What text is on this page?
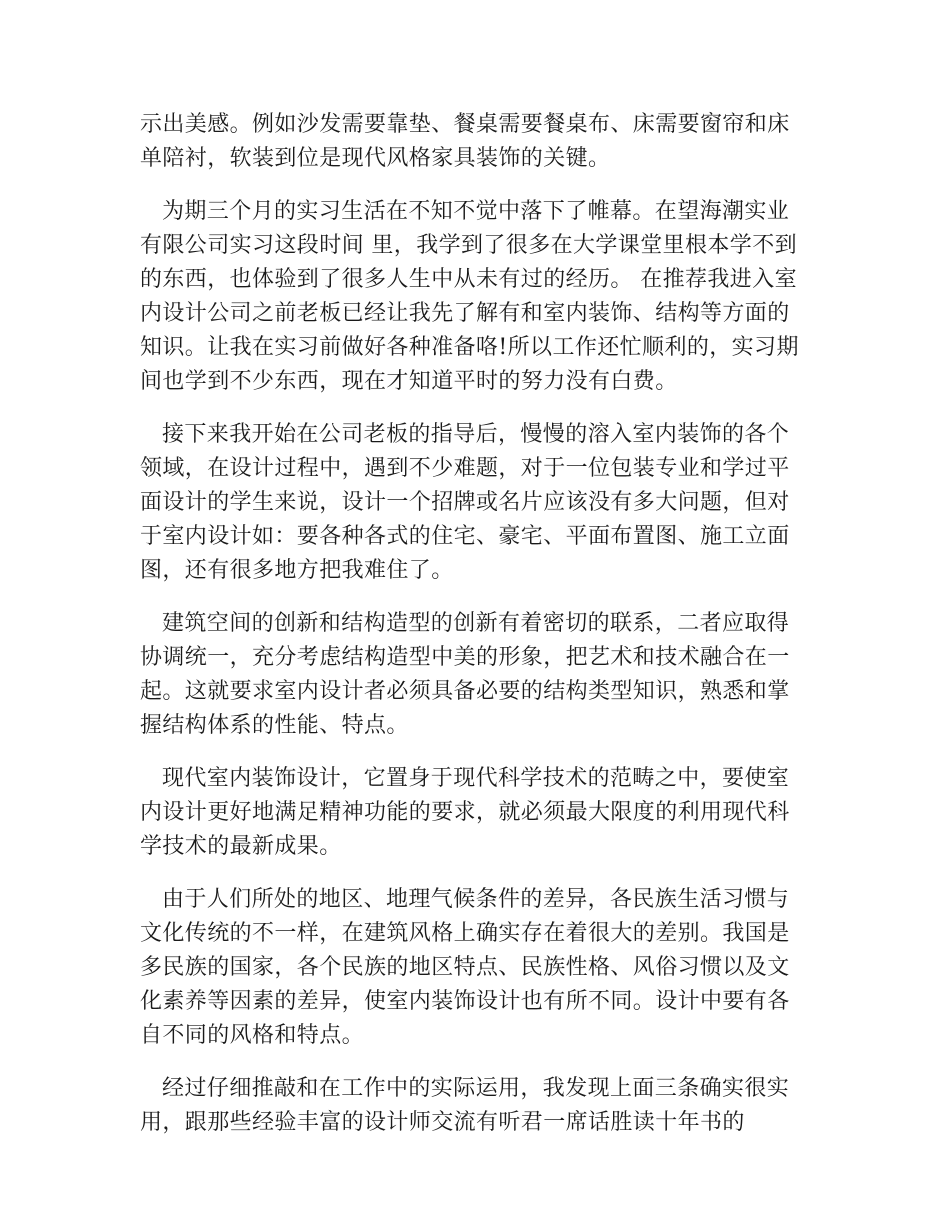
示出美感。例如沙发需要靠垫、餐桌需要餐桌布、床需要窗帘和床单陪衬，软装到位是现代风格家具装饰的关键。

为期三个月的实习生活在不知不觉中落下了帷幕。在望海潮实业有限公司实习这段时间 里，我学到了很多在大学课堂里根本学不到的东西，也体验到了很多人生中从未有过的经历。 在推荐我进入室内设计公司之前老板已经让我先了解有和室内装饰、结构等方面的知识。让我在实习前做好各种准备咯!所以工作还忙顺利的，实习期间也学到不少东西，现在才知道平时的努力没有白费。

接下来我开始在公司老板的指导后，慢慢的溶入室内装饰的各个领域，在设计过程中，遇到不少难题，对于一位包装专业和学过平面设计的学生来说，设计一个招牌或名片应该没有多大问题，但对于室内设计如：要各种各式的住宅、豪宅、平面布置图、施工立面图，还有很多地方把我难住了。

建筑空间的创新和结构造型的创新有着密切的联系，二者应取得协调统一，充分考虑结构造型中美的形象，把艺术和技术融合在一起。这就要求室内设计者必须具备必要的结构类型知识，熟悉和掌握结构体系的性能、特点。

现代室内装饰设计，它置身于现代科学技术的范畴之中，要使室内设计更好地满足精神功能的要求，就必须最大限度的利用现代科学技术的最新成果。

由于人们所处的地区、地理气候条件的差异，各民族生活习惯与文化传统的不一样，在建筑风格上确实存在着很大的差别。我国是多民族的国家，各个民族的地区特点、民族性格、风俗习惯以及文化素养等因素的差异，使室内装饰设计也有所不同。设计中要有各自不同的风格和特点。

经过仔细推敲和在工作中的实际运用，我发现上面三条确实很实用，跟那些经验丰富的设计师交流有听君一席话胜读十年书的
